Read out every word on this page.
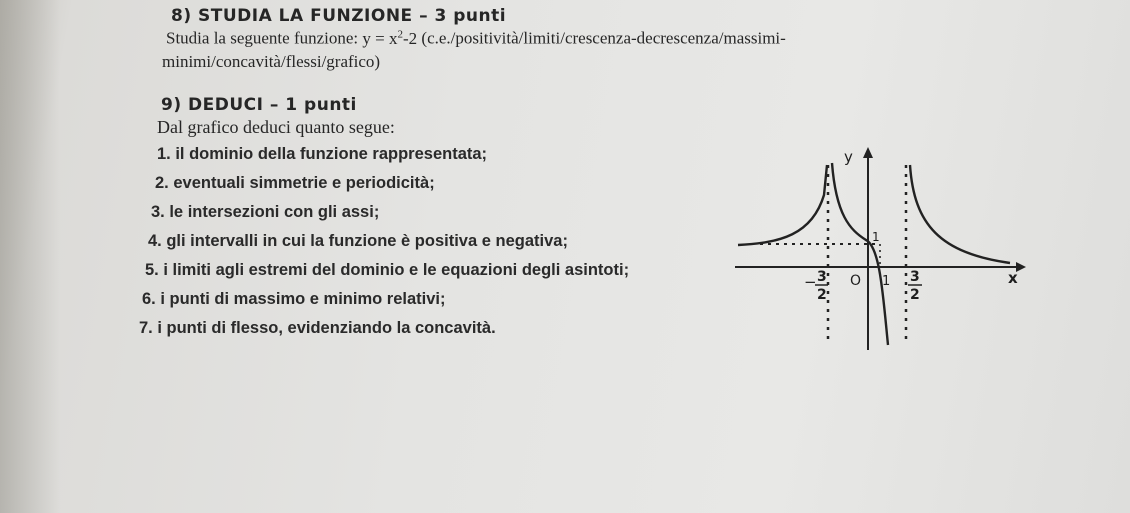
8) STUDIA LA FUNZIONE – 3 punti
Studia la seguente funzione: $y = x^2-2$ (c.e./positività/limiti/crescenza-decrescenza/massimi-
minimi/concavità/flessi/grafico)
9) DEDUCI – 1 punti
Dal grafico deduci quanto segue:
1. il dominio della funzione rappresentata;
2. eventuali simmetrie e periodicità;
3. le intersezioni con gli assi;
4. gli intervalli in cui la funzione è positiva e negativa;
5. i limiti agli estremi del dominio e le equazioni degli asintoti;
6. i punti di massimo e minimo relativi;
7. i punti di flesso, evidenziando la concavità.
y
x
O 1
1
− 3
2
3
2
